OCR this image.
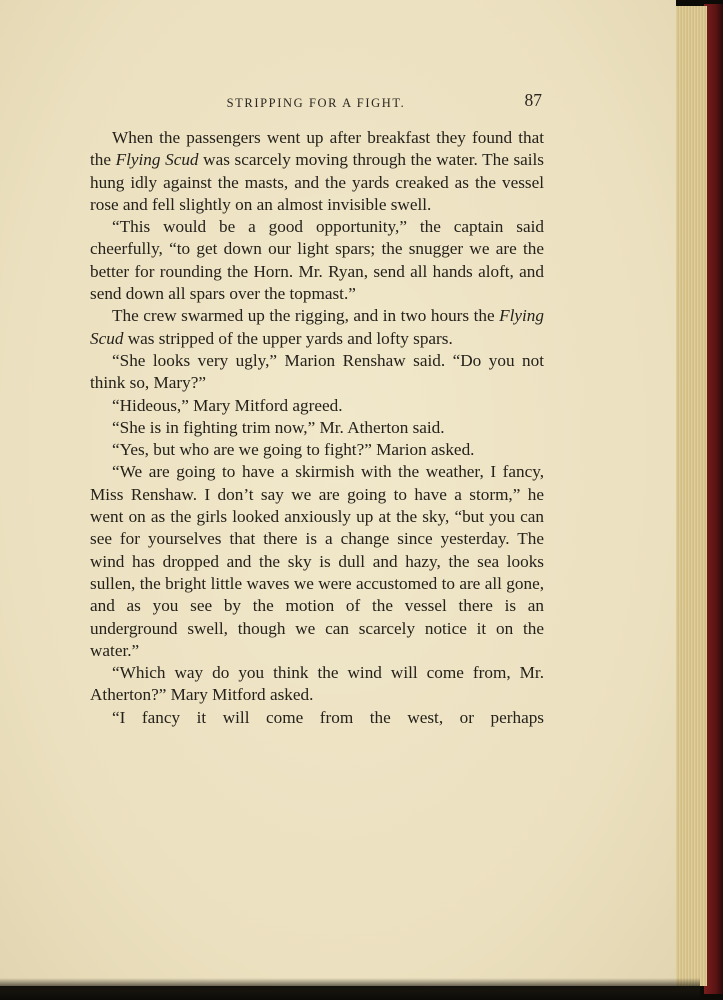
STRIPPING FOR A FIGHT.	87

When the passengers went up after breakfast they found that the Flying Scud was scarcely moving through the water. The sails hung idly against the masts, and the yards creaked as the vessel rose and fell slightly on an almost invisible swell.

“This would be a good opportunity,” the captain said cheerfully, “to get down our light spars; the snugger we are the better for rounding the Horn. Mr. Ryan, send all hands aloft, and send down all spars over the topmast.”

The crew swarmed up the rigging, and in two hours the Flying Scud was stripped of the upper yards and lofty spars.

“She looks very ugly,” Marion Renshaw said. “Do you not think so, Mary?”

“Hideous,” Mary Mitford agreed.

“She is in fighting trim now,” Mr. Atherton said.

“Yes, but who are we going to fight?” Marion asked.

“We are going to have a skirmish with the weather, I fancy, Miss Renshaw. I don’t say we are going to have a storm,” he went on as the girls looked anxiously up at the sky, “but you can see for yourselves that there is a change since yesterday. The wind has dropped and the sky is dull and hazy, the sea looks sullen, the bright little waves we were accustomed to are all gone, and as you see by the motion of the vessel there is an underground swell, though we can scarcely notice it on the water.”

“Which way do you think the wind will come from, Mr. Atherton?” Mary Mitford asked.

“I fancy it will come from the west, or perhaps
